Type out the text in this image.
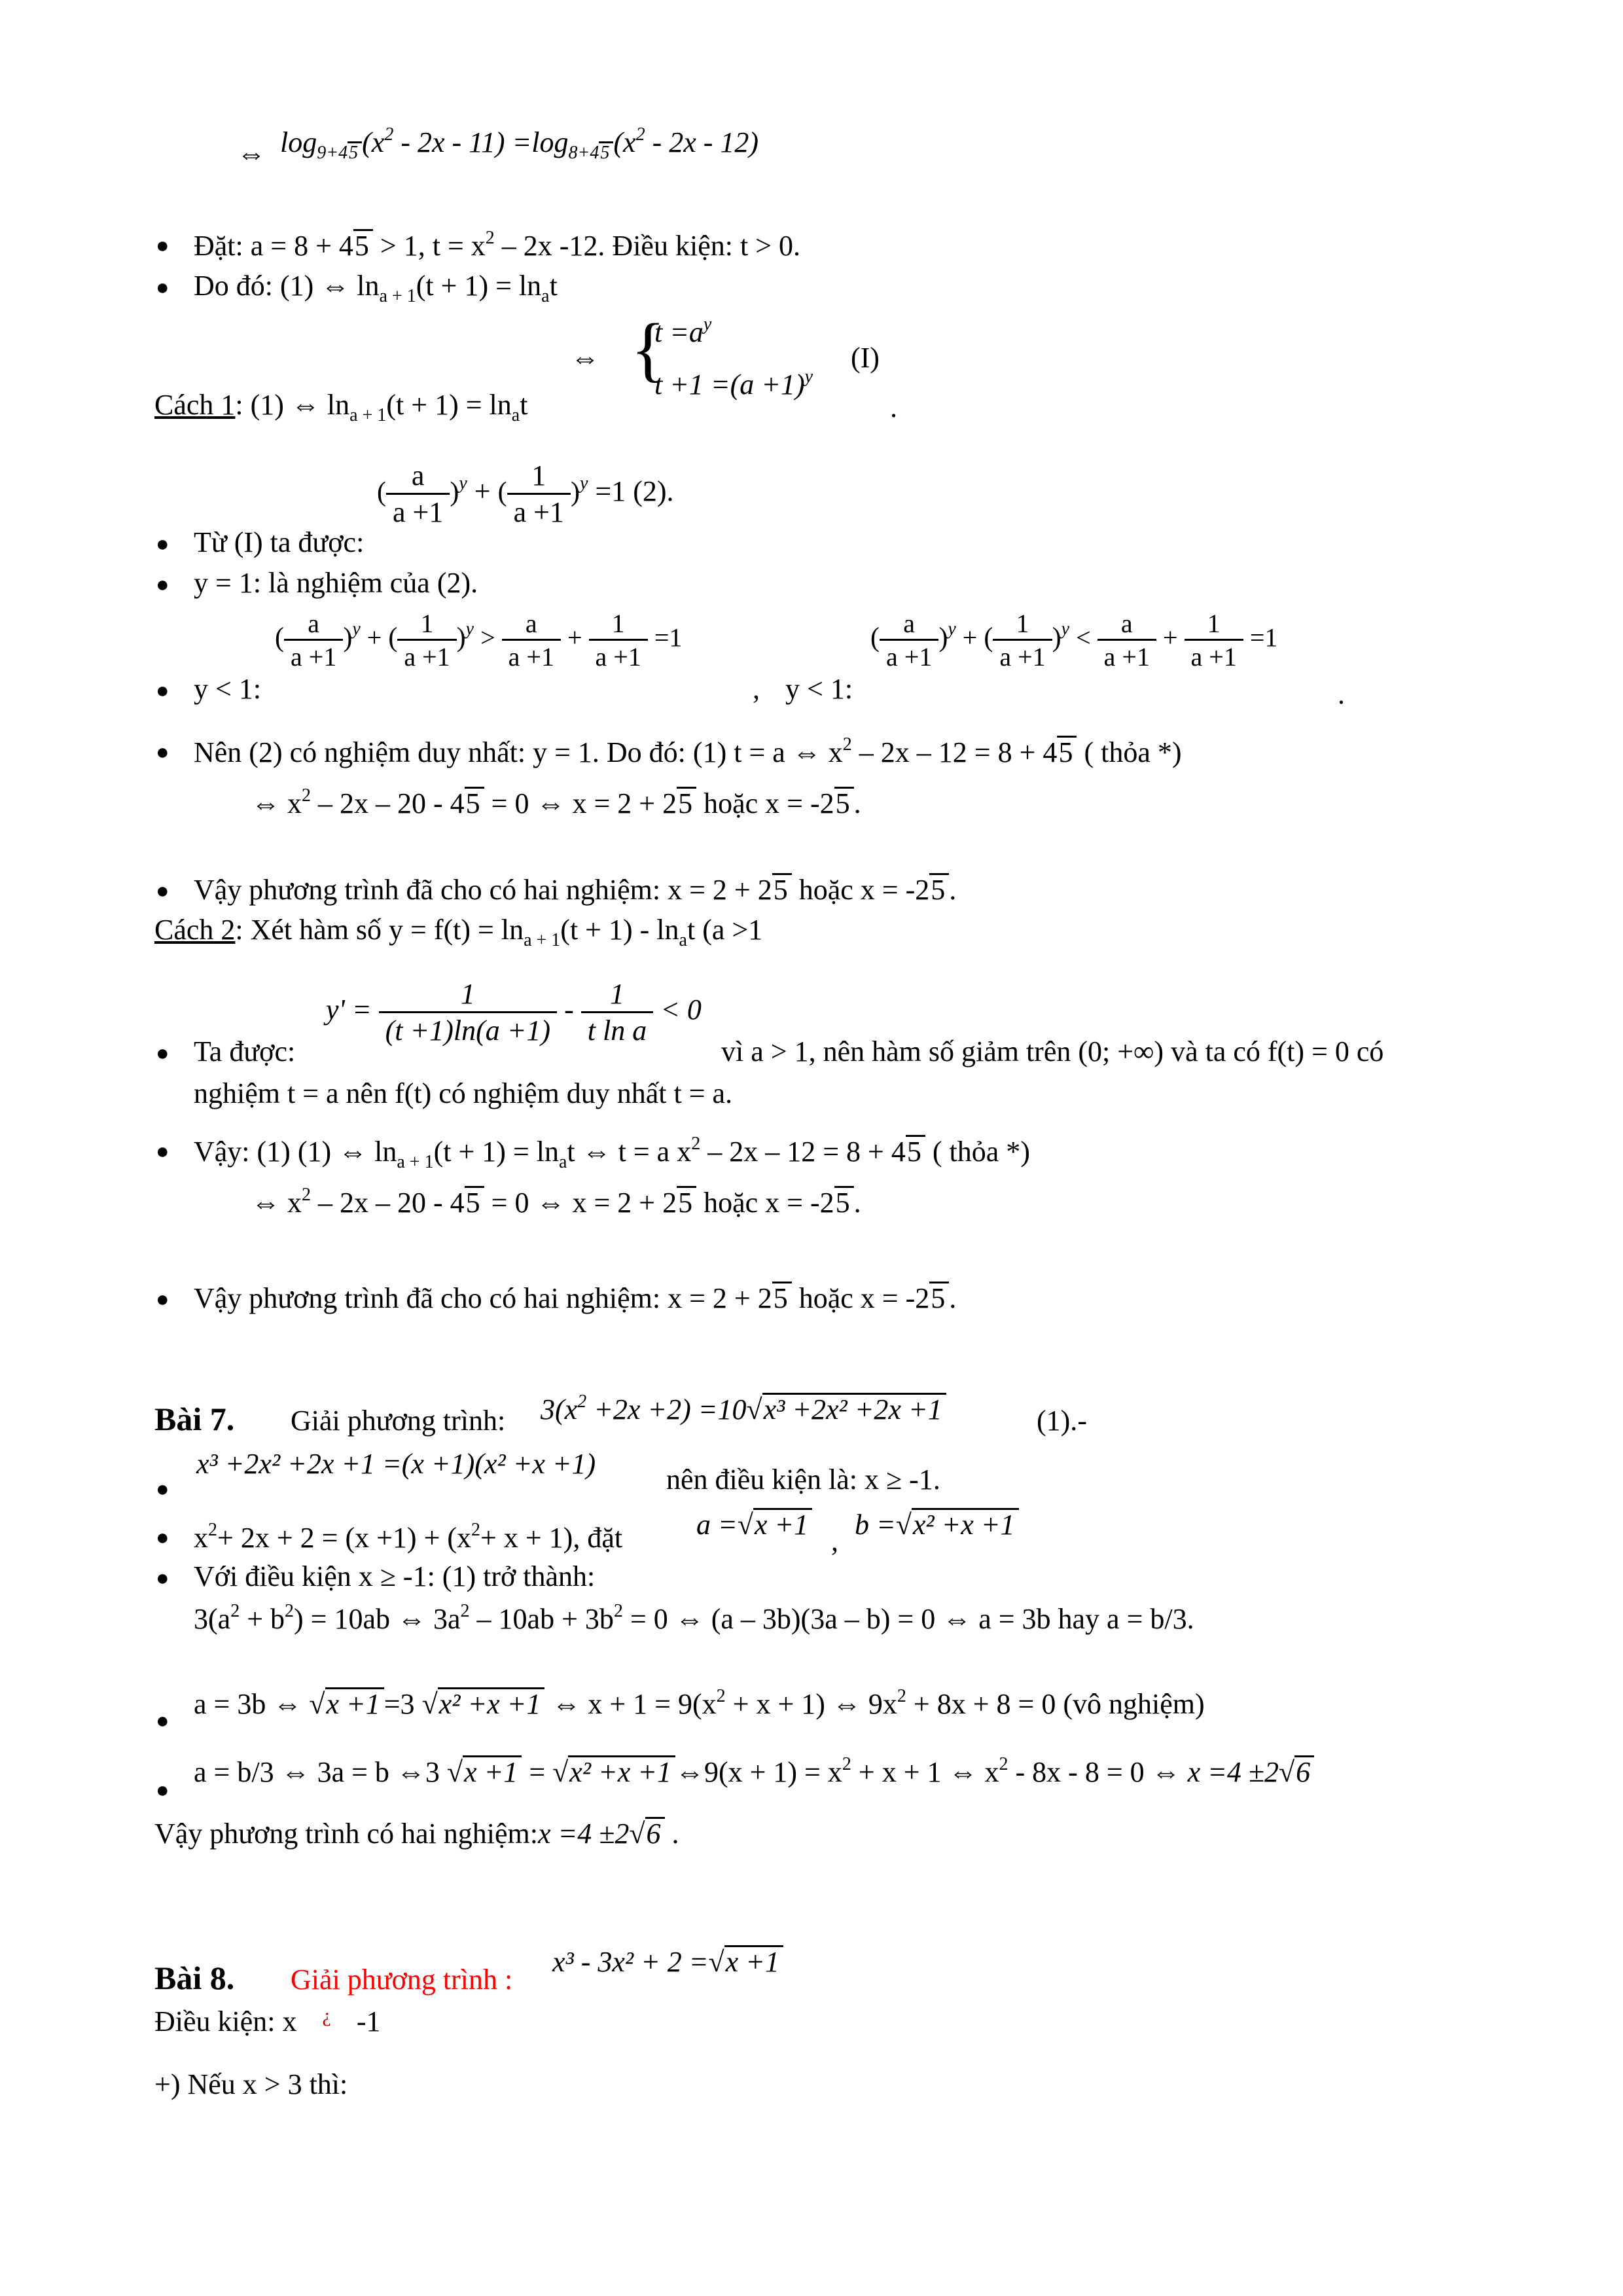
⇔ $\log_{9+45} (x^2 - 2x - 11) =\log_{8+45}$ $(x^2 - 2x - 12)$
● Đặt: a = 8 + 45 > 1, $t = x^2 - 2x$ -12. Điều kiện: t > 0.
● Do đó: (1) ⇔ $\ln_{a + 1}(t + 1) = \ln_at$
⇔ {
$t =a^y$
$t +1 =(a +1)^y$
(I)
.
Cách 1: (1) ⇔ $\ln_{a + 1}(t + 1) = \ln_at$
( $\frac{a}{a +1} )^y$ + ( $\frac{1}{a +1} )^y =1$ (2).
● Từ (I) ta được:
● y = 1: là nghiệm của (2).
● y < 1:
( $\frac{a}{a +1} )^y$ + ( $\frac{1}{a +1} )^y > \frac{a}{a +1} + \frac{1}{a +1} =1$
, y < 1:
( $\frac{a}{a +1} )^y$ + ( $\frac{1}{a +1} )^y < \frac{a}{a +1} + \frac{1}{a +1} =1$
.
● Nên (2) có nghiệm duy nhất: y = 1. Do đó: (1) t = a ⇔ $x^2 - 2x - 12 = 8 + 45$ ( thỏa *)
⇔ $x^2 - 2x - 20 - 45 = 0$ ⇔ x = 2 + 25 hoặc x = -25 .
● Vậy phương trình đã cho có hai nghiệm: x = 2 + 25 hoặc x = -25 .
Cách 2: Xét hàm số $y = f(t) = \ln_{a + 1}(t + 1) - \ln_at$ (a >1
$y' = \frac{1}{(t +1)\ln(a +1)} - \frac{1}{\text{t ln a}} < 0$
● Ta được:	vì a > 1, nên hàm số giảm trên (0; +∞) và ta có f(t) = 0 có
nghiệm t = a nên f(t) có nghiệm duy nhất t = a.
● Vậy: (1) (1) ⇔ $\ln_{a + 1}(t + 1) = \ln_at$ ⇔ t = a $x^2 - 2x - 12 = 8 + 45$ ( thỏa *)
⇔ $x^2 - 2x - 20 - 45 = 0$ ⇔ x = 2 + 25 hoặc x = -25 .
● Vậy phương trình đã cho có hai nghiệm: x = 2 + 25 hoặc x = -25 .
Bài 7. Giải phương trình: $3(x^2 +2x +2) =10√x^3 +2x^2 +2x +1$	(1).-
●
x³ +2x² +2x +1 =(x +1)(x² +x +1) nên điều kiện là: x ≥ -1.
● $x^2+ 2x + 2 = (x +1) + (x^2+ x + 1)$, đặt	a =√x +1
,
b =√x² +x +1
● Với điều kiện x ≥ -1: (1) trở thành:
$3(a^2 + b^2) = 10ab$ ⇔ $3a^2 - 10ab + 3b^2 = 0$ ⇔ (a – 3b)(3a – b) = 0 ⇔ a = 3b hay a = b/3.
●
a = 3b ⇔ √x +1 =3 √x² +x +1 ⇔ $x + 1 = 9(x^2 + x + 1)$ ⇔ $9x^2 + 8x + 8 = 0$ (vô nghiệm)
●
a = b/3 ⇔ 3a = b ⇔3 √x +1 = √x² +x +1 ⇔9(x + $1) = x^2 + x + 1$ ⇔ $x^2 - 8x - 8 = 0$ ⇔ x =4 ±2√6
Vậy phương trình có hai nghiệm:x =4 ±2√6 .
Bài 8. Giải phương trình :
x³ - 3x² + 2 =√x +1
Điều kiện: x ¿ -1
+) Nếu x > 3 thì:
